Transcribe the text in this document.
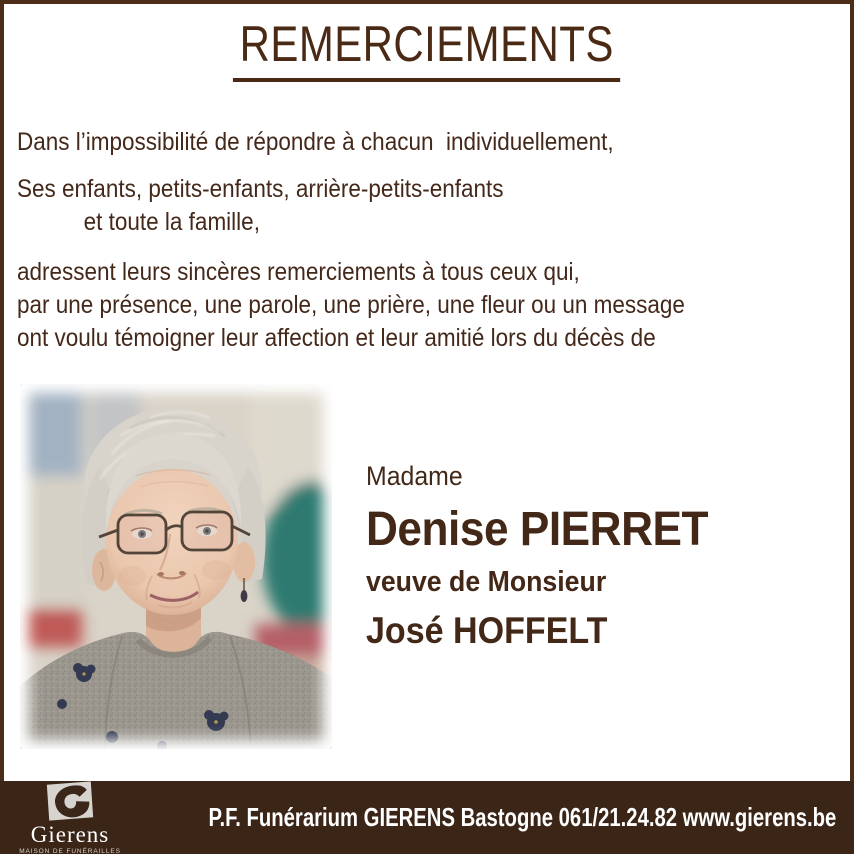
REMERCIEMENTS

Dans l’impossibilité de répondre à chacun  individuellement,

Ses enfants, petits-enfants, arrière-petits-enfants

et toute la famille,

adressent leurs sincères remerciements à tous ceux qui,

par une présence, une parole, une prière, une fleur ou un message

ont voulu témoigner leur affection et leur amitié lors du décès de

Madame
Denise PIERRET
veuve de Monsieur
José HOFFELT
Gierens
MAISON DE FUNÉRAILLES
P.F. Funérarium GIERENS Bastogne 061/21.24.82 www.gierens.be
